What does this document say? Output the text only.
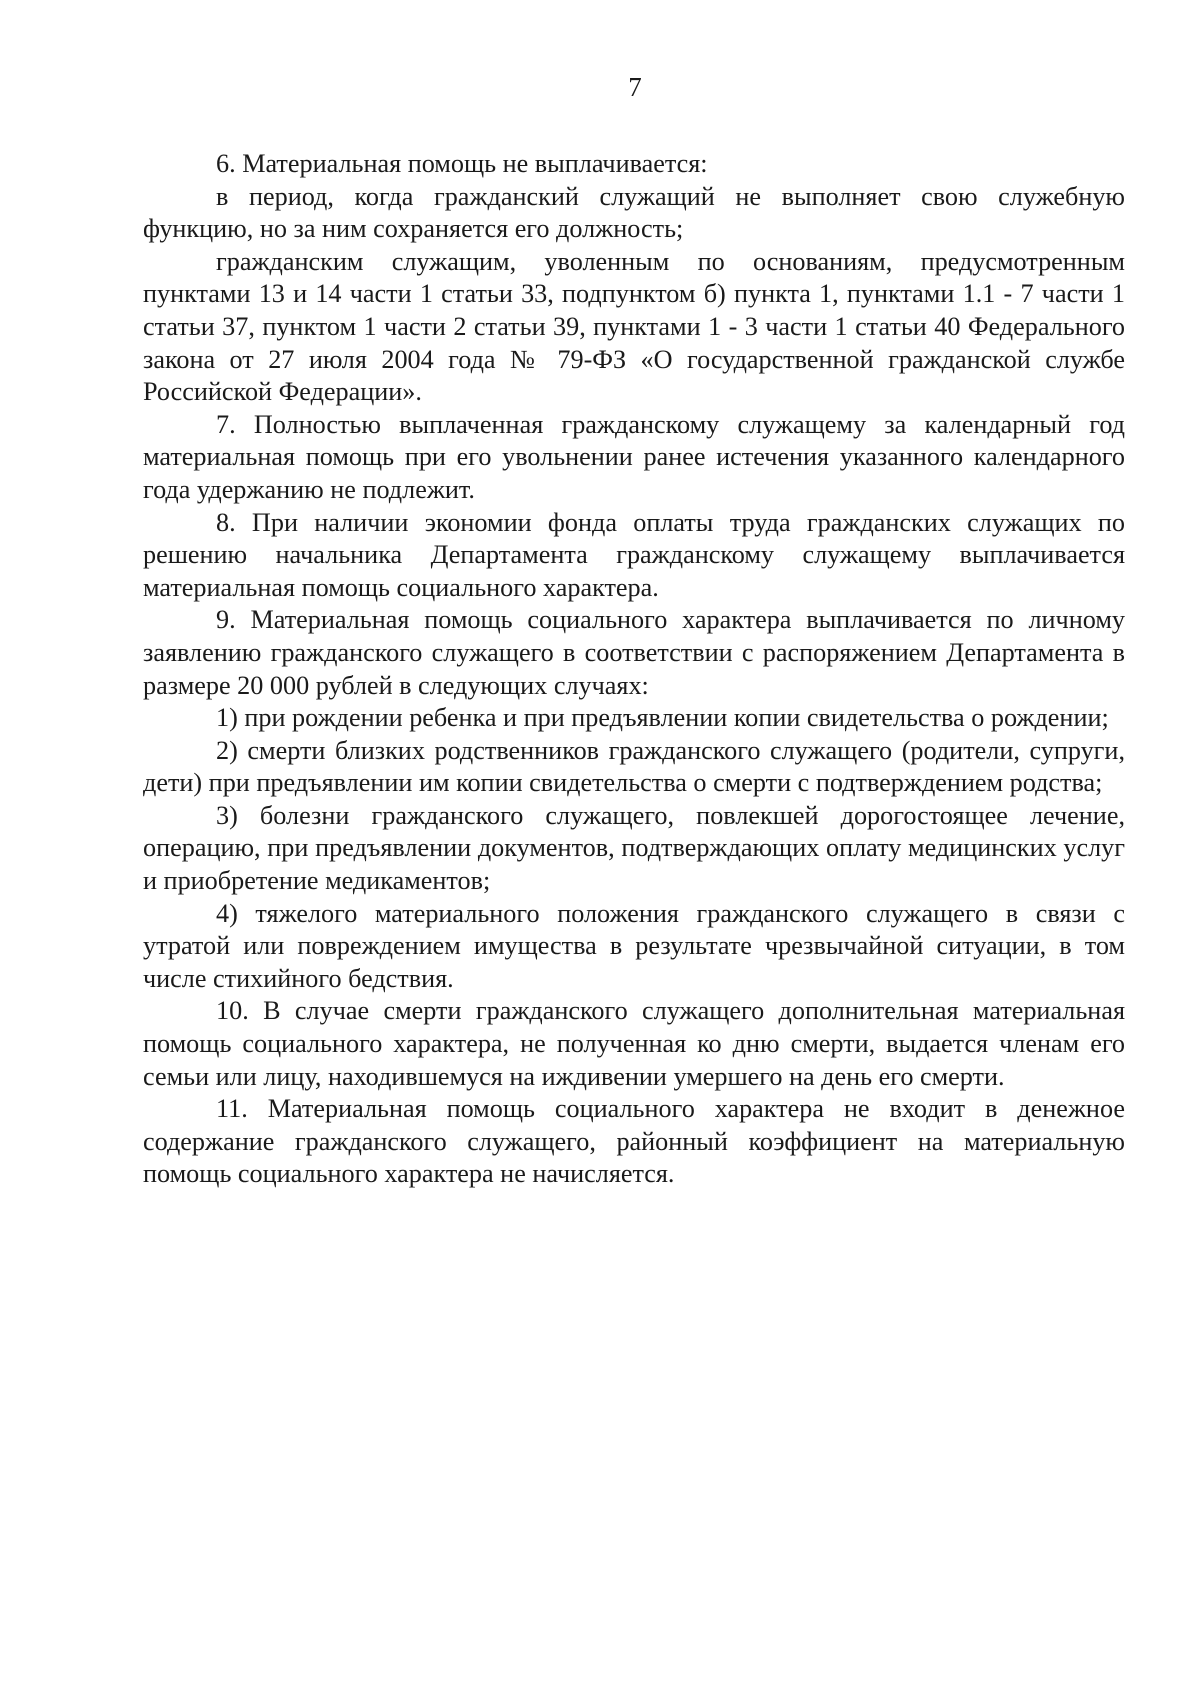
7

6. Материальная помощь не выплачивается:

в период, когда гражданский служащий не выполняет свою служебную функцию, но за ним сохраняется его должность;

гражданским служащим, уволенным по основаниям, предусмотренным пунктами 13 и 14 части 1 статьи 33, подпунктом б) пункта 1, пунктами 1.1 - 7 части 1 статьи 37, пунктом 1 части 2 статьи 39, пунктами 1 - 3 части 1 статьи 40 Федерального закона от 27 июля 2004 года № 79-ФЗ «О государственной гражданской службе Российской Федерации».

7. Полностью выплаченная гражданскому служащему за календарный год материальная помощь при его увольнении ранее истечения указанного календарного года удержанию не подлежит.

8. При наличии экономии фонда оплаты труда гражданских служащих по решению начальника Департамента гражданскому служащему выплачивается материальная помощь социального характера.

9. Материальная помощь социального характера выплачивается по личному заявлению гражданского служащего в соответствии с распоряжением Департамента в размере 20 000 рублей в следующих случаях:

1) при рождении ребенка и при предъявлении копии свидетельства о рождении;

2) смерти близких родственников гражданского служащего (родители, супруги, дети) при предъявлении им копии свидетельства о смерти с подтверждением родства;

3) болезни гражданского служащего, повлекшей дорогостоящее лечение, операцию, при предъявлении документов, подтверждающих оплату медицинских услуг и приобретение медикаментов;

4) тяжелого материального положения гражданского служащего в связи с утратой или повреждением имущества в результате чрезвычайной ситуации, в том числе стихийного бедствия.

10. В случае смерти гражданского служащего дополнительная материальная помощь социального характера, не полученная ко дню смерти, выдается членам его семьи или лицу, находившемуся на иждивении умершего на день его смерти.

11. Материальная помощь социального характера не входит в денежное содержание гражданского служащего, районный коэффициент на материальную помощь социального характера не начисляется.
